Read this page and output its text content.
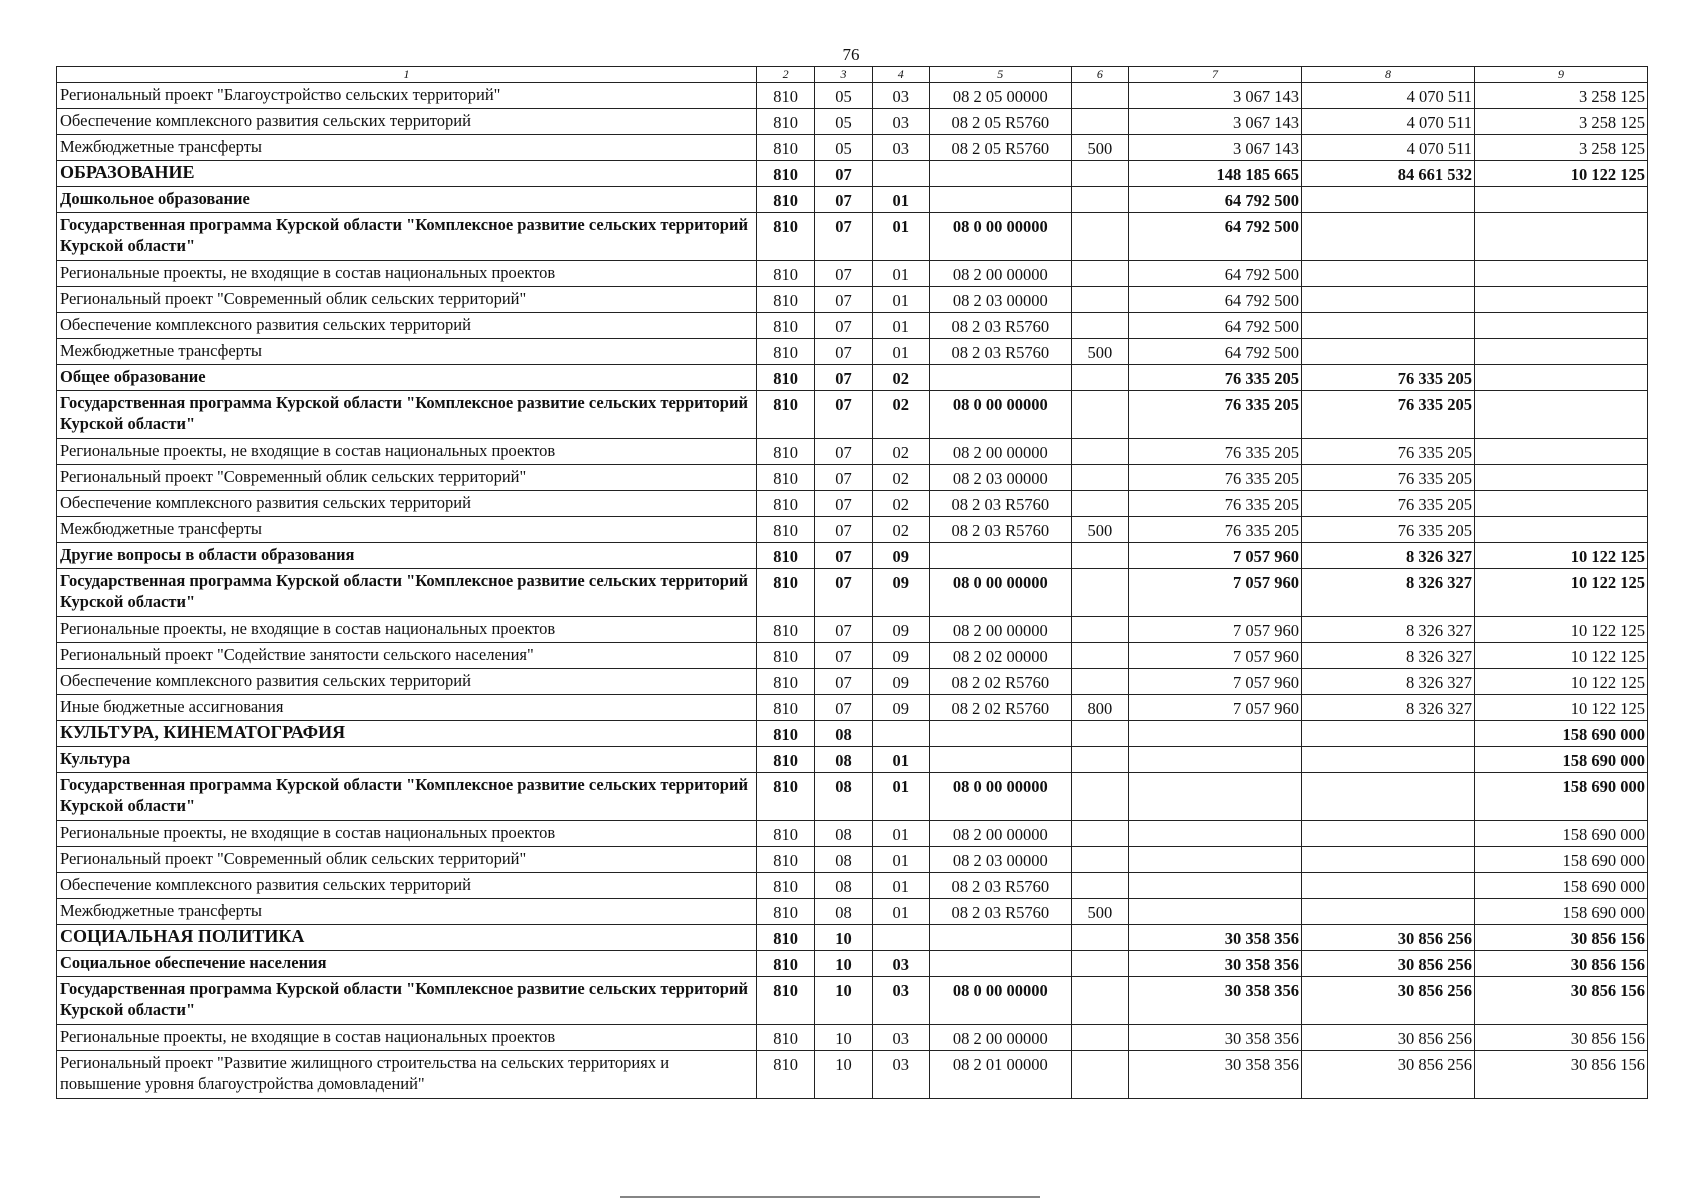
76
1	2	3	4	5	6	7	8	9
Региональный проект "Благоустройство сельских территорий"	810	05	03	08 2 05 00000		3 067 143	4 070 511	3 258 125
Обеспечение комплексного развития сельских территорий	810	05	03	08 2 05 R5760		3 067 143	4 070 511	3 258 125
Межбюджетные трансферты	810	05	03	08 2 05 R5760	500	3 067 143	4 070 511	3 258 125
ОБРАЗОВАНИЕ	810	07				148 185 665	84 661 532	10 122 125
Дошкольное образование	810	07	01			64 792 500		
Государственная программа Курской области "Комплексное развитие сельских территорий Курской области"	810	07	01	08 0 00 00000		64 792 500		
Региональные проекты, не входящие в состав национальных проектов	810	07	01	08 2 00 00000		64 792 500		
Региональный проект "Современный облик сельских территорий"	810	07	01	08 2 03 00000		64 792 500		
Обеспечение комплексного развития сельских территорий	810	07	01	08 2 03 R5760		64 792 500		
Межбюджетные трансферты	810	07	01	08 2 03 R5760	500	64 792 500		
Общее образование	810	07	02			76 335 205	76 335 205	
Государственная программа Курской области "Комплексное развитие сельских территорий Курской области"	810	07	02	08 0 00 00000		76 335 205	76 335 205	
Региональные проекты, не входящие в состав национальных проектов	810	07	02	08 2 00 00000		76 335 205	76 335 205	
Региональный проект "Современный облик сельских территорий"	810	07	02	08 2 03 00000		76 335 205	76 335 205	
Обеспечение комплексного развития сельских территорий	810	07	02	08 2 03 R5760		76 335 205	76 335 205	
Межбюджетные трансферты	810	07	02	08 2 03 R5760	500	76 335 205	76 335 205	
Другие вопросы в области образования	810	07	09			7 057 960	8 326 327	10 122 125
Государственная программа Курской области "Комплексное развитие сельских территорий Курской области"	810	07	09	08 0 00 00000		7 057 960	8 326 327	10 122 125
Региональные проекты, не входящие в состав национальных проектов	810	07	09	08 2 00 00000		7 057 960	8 326 327	10 122 125
Региональный проект "Содействие занятости сельского населения"	810	07	09	08 2 02 00000		7 057 960	8 326 327	10 122 125
Обеспечение комплексного развития сельских территорий	810	07	09	08 2 02 R5760		7 057 960	8 326 327	10 122 125
Иные бюджетные ассигнования	810	07	09	08 2 02 R5760	800	7 057 960	8 326 327	10 122 125
КУЛЬТУРА, КИНЕМАТОГРАФИЯ	810	08						158 690 000
Культура	810	08	01					158 690 000
Государственная программа Курской области "Комплексное развитие сельских территорий Курской области"	810	08	01	08 0 00 00000				158 690 000
Региональные проекты, не входящие в состав национальных проектов	810	08	01	08 2 00 00000				158 690 000
Региональный проект "Современный облик сельских территорий"	810	08	01	08 2 03 00000				158 690 000
Обеспечение комплексного развития сельских территорий	810	08	01	08 2 03 R5760				158 690 000
Межбюджетные трансферты	810	08	01	08 2 03 R5760	500			158 690 000
СОЦИАЛЬНАЯ ПОЛИТИКА	810	10				30 358 356	30 856 256	30 856 156
Социальное обеспечение населения	810	10	03			30 358 356	30 856 256	30 856 156
Государственная программа Курской области "Комплексное развитие сельских территорий Курской области"	810	10	03	08 0 00 00000		30 358 356	30 856 256	30 856 156
Региональные проекты, не входящие в состав национальных проектов	810	10	03	08 2 00 00000		30 358 356	30 856 256	30 856 156
Региональный проект "Развитие жилищного строительства на сельских территориях и повышение уровня благоустройства домовладений"	810	10	03	08 2 01 00000		30 358 356	30 856 256	30 856 156
